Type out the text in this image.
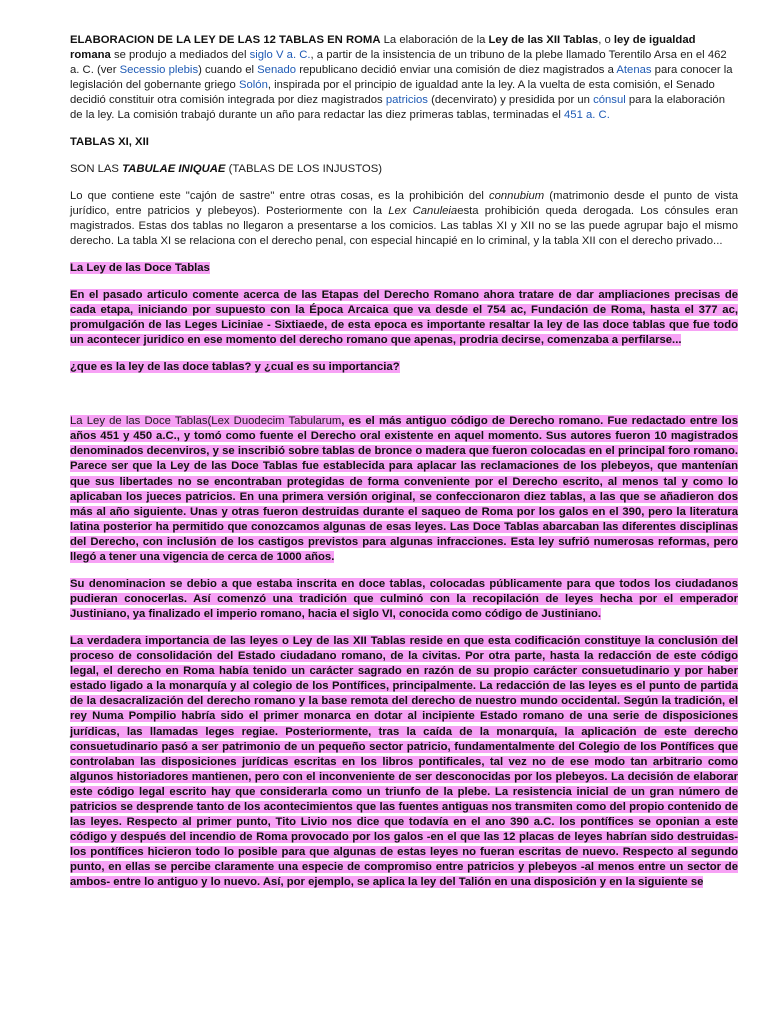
ELABORACION DE LA LEY DE LAS 12 TABLAS EN ROMA La elaboración de la Ley de las XII Tablas, o ley de igualdad romana se produjo a mediados del siglo V a. C., a partir de la insistencia de un tribuno de la plebe llamado Terentilo Arsa en el 462 a. C. (ver Secessio plebis) cuando el Senado republicano decidió enviar una comisión de diez magistrados a Atenas para conocer la legislación del gobernante griego Solón, inspirada por el principio de igualdad ante la ley. A la vuelta de esta comisión, el Senado decidió constituir otra comisión integrada por diez magistrados patricios (decenvirato) y presidida por un cónsul para la elaboración de la ley. La comisión trabajó durante un año para redactar las diez primeras tablas, terminadas el 451 a. C.

TABLAS XI, XII

SON LAS TABULAE INIQUAE (TABLAS DE LOS INJUSTOS)

Lo que contiene este "cajón de sastre" entre otras cosas, es la prohibición del connubium (matrimonio desde el punto de vista jurídico, entre patricios y plebeyos). Posteriormente con la Lex Canuleiaesta prohibición queda derogada. Los cónsules eran magistrados. Estas dos tablas no llegaron a presentarse a los comicios. Las tablas XI y XII no se las puede agrupar bajo el mismo derecho. La tabla XI se relaciona con el derecho penal, con especial hincapié en lo criminal, y la tabla XII con el derecho privado...

La Ley de las Doce Tablas

En el pasado articulo comente acerca de las Etapas del Derecho Romano ahora tratare de dar ampliaciones precisas de cada etapa, iniciando por supuesto con la Época Arcaica que va desde el 754 ac, Fundación de Roma, hasta el 377 ac, promulgación de las Leges Liciniae - Sixtiaede, de esta epoca es importante resaltar la ley de las doce tablas que fue todo un acontecer juridico en ese momento del derecho romano que apenas, prodria decirse, comenzaba a perfilarse...

¿que es la ley de las doce tablas? y ¿cual es su importancia?

La Ley de las Doce Tablas(Lex Duodecim Tabularum, es el más antiguo código de Derecho romano. Fue redactado entre los años 451 y 450 a.C., y tomó como fuente el Derecho oral existente en aquel momento. Sus autores fueron 10 magistrados denominados decenviros, y se inscribió sobre tablas de bronce o madera que fueron colocadas en el principal foro romano. Parece ser que la Ley de las Doce Tablas fue establecida para aplacar las reclamaciones de los plebeyos, que mantenían que sus libertades no se encontraban protegidas de forma conveniente por el Derecho escrito, al menos tal y como lo aplicaban los jueces patricios. En una primera versión original, se confeccionaron diez tablas, a las que se añadieron dos más al año siguiente. Unas y otras fueron destruidas durante el saqueo de Roma por los galos en el 390, pero la literatura latina posterior ha permitido que conozcamos algunas de esas leyes. Las Doce Tablas abarcaban las diferentes disciplinas del Derecho, con inclusión de los castigos previstos para algunas infracciones. Esta ley sufrió numerosas reformas, pero llegó a tener una vigencia de cerca de 1000 años.

Su denominacion se debio a que estaba inscrita en doce tablas, colocadas públicamente para que todos los ciudadanos pudieran conocerlas. Así comenzó una tradición que culminó con la recopilación de leyes hecha por el emperador Justiniano, ya finalizado el imperio romano, hacia el siglo VI, conocida como código de Justiniano.

La verdadera importancia de las leyes o Ley de las XII Tablas reside en que esta codificación constituye la conclusión del proceso de consolidación del Estado ciudadano romano, de la civitas. Por otra parte, hasta la redacción de este código legal, el derecho en Roma había tenido un carácter sagrado en razón de su propio carácter consuetudinario y por haber estado ligado a la monarquía y al colegio de los Pontífices, principalmente. La redacción de las leyes es el punto de partida de la desacralización del derecho romano y la base remota del derecho de nuestro mundo occidental. Según la tradición, el rey Numa Pompilio habría sido el primer monarca en dotar al incipiente Estado romano de una serie de disposiciones jurídicas, las llamadas leges regiae. Posteriormente, tras la caída de la monarquía, la aplicación de este derecho consuetudinario pasó a ser patrimonio de un pequeño sector patricio, fundamentalmente del Colegio de los Pontífices que controlaban las disposiciones jurídicas escritas en los libros pontificales, tal vez no de ese modo tan arbitrario como algunos historiadores mantienen, pero con el inconveniente de ser desconocidas por los plebeyos. La decisión de elaborar este código legal escrito hay que considerarla como un triunfo de la plebe. La resistencia inicial de un gran número de patricios se desprende tanto de los acontecimientos que las fuentes antiguas nos transmiten como del propio contenido de las leyes. Respecto al primer punto, Tito Livio nos dice que todavía en el ano 390 a.C. los pontífices se oponian a este código y después del incendio de Roma provocado por los galos -en el que las 12 placas de leyes habrían sido destruidas- los pontífices hicieron todo lo posible para que algunas de estas leyes no fueran escritas de nuevo. Respecto al segundo punto, en ellas se percibe claramente una especie de compromiso entre patricios y plebeyos -al menos entre un sector de ambos- entre lo antiguo y lo nuevo. Así, por ejemplo, se aplica la ley del Talión en una disposición y en la siguiente se
